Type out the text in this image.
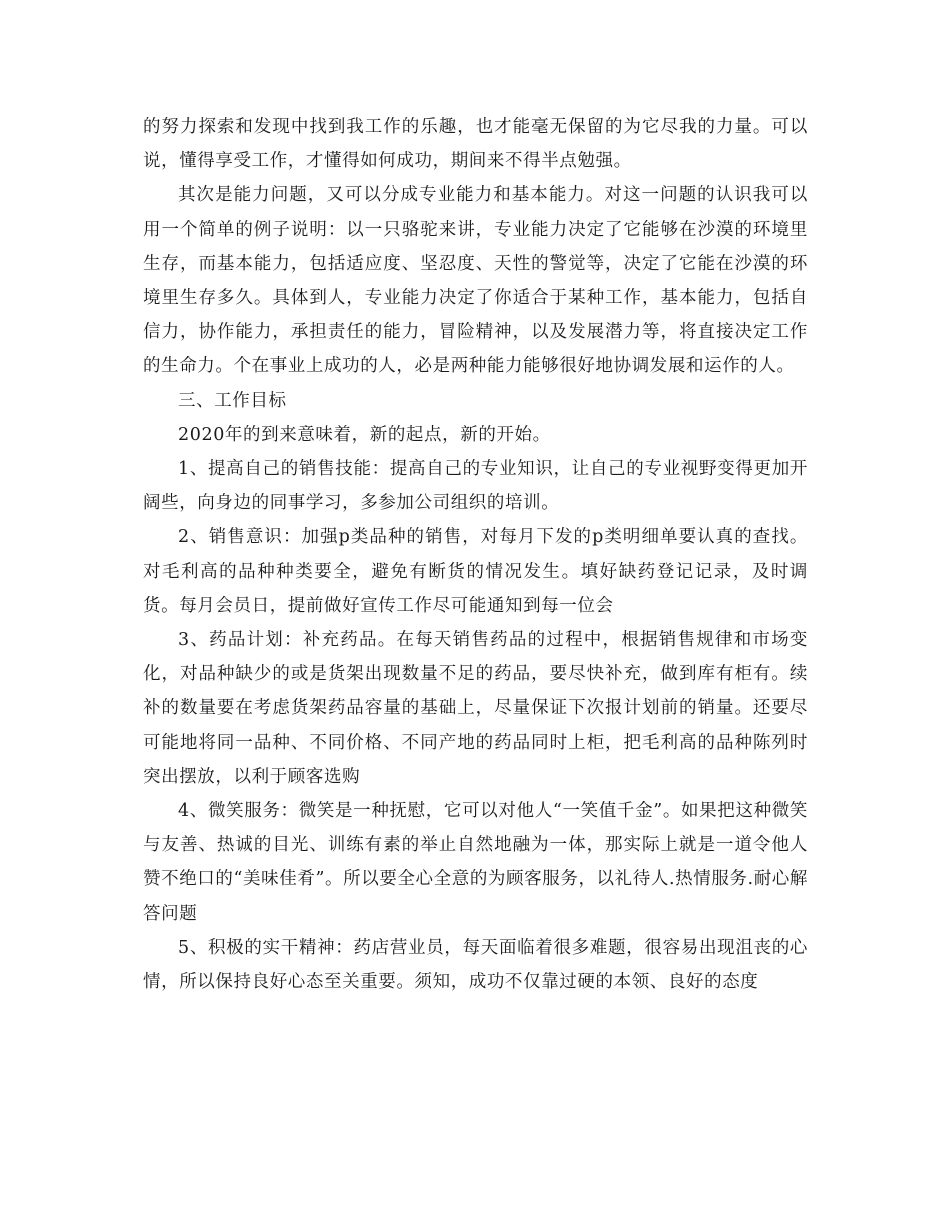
的努力探索和发现中找到我工作的乐趣，也才能毫无保留的为它尽我的力量。可以说，懂得享受工作，才懂得如何成功，期间来不得半点勉强。

其次是能力问题，又可以分成专业能力和基本能力。对这一问题的认识我可以用一个简单的例子说明：以一只骆驼来讲，专业能力决定了它能够在沙漠的环境里生存，而基本能力，包括适应度、坚忍度、天性的警觉等，决定了它能在沙漠的环境里生存多久。具体到人，专业能力决定了你适合于某种工作，基本能力，包括自信力，协作能力，承担责任的能力，冒险精神，以及发展潜力等，将直接决定工作的生命力。个在事业上成功的人，必是两种能力能够很好地协调发展和运作的人。

三、工作目标

2020年的到来意味着，新的起点，新的开始。

1、提高自己的销售技能：提高自己的专业知识，让自己的专业视野变得更加开阔些，向身边的同事学习，多参加公司组织的培训。

2、销售意识：加强p类品种的销售，对每月下发的p类明细单要认真的查找。对毛利高的品种种类要全，避免有断货的情况发生。填好缺药登记记录，及时调货。每月会员日，提前做好宣传工作尽可能通知到每一位会

3、药品计划：补充药品。在每天销售药品的过程中，根据销售规律和市场变化，对品种缺少的或是货架出现数量不足的药品，要尽快补充，做到库有柜有。续补的数量要在考虑货架药品容量的基础上，尽量保证下次报计划前的销量。还要尽可能地将同一品种、不同价格、不同产地的药品同时上柜，把毛利高的品种陈列时突出摆放，以利于顾客选购

4、微笑服务：微笑是一种抚慰，它可以对他人“一笑值千金”。如果把这种微笑与友善、热诚的目光、训练有素的举止自然地融为一体，那实际上就是一道令他人赞不绝口的“美味佳肴”。所以要全心全意的为顾客服务，以礼待人.热情服务.耐心解答问题

5、积极的实干精神：药店营业员，每天面临着很多难题，很容易出现沮丧的心情，所以保持良好心态至关重要。须知，成功不仅靠过硬的本领、良好的态度
